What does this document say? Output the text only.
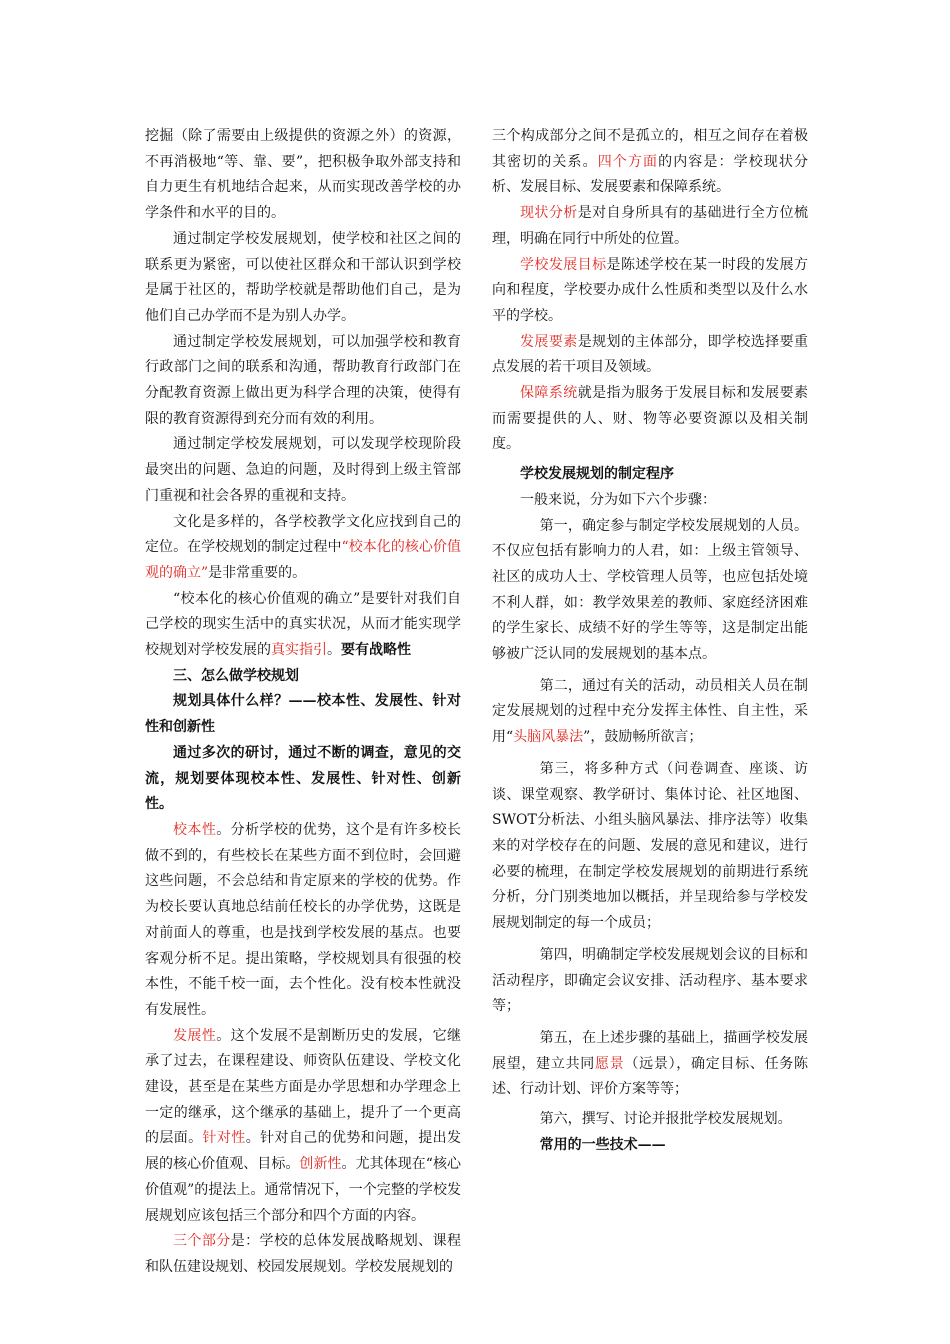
挖掘（除了需要由上级提供的资源之外）的资源，不再消极地“等、靠、要”，把积极争取外部支持和自力更生有机地结合起来，从而实现改善学校的办学条件和水平的目的。

通过制定学校发展规划，使学校和社区之间的联系更为紧密，可以使社区群众和干部认识到学校是属于社区的，帮助学校就是帮助他们自己，是为他们自己办学而不是为别人办学。

通过制定学校发展规划，可以加强学校和教育行政部门之间的联系和沟通，帮助教育行政部门在分配教育资源上做出更为科学合理的决策，使得有限的教育资源得到充分而有效的利用。

通过制定学校发展规划，可以发现学校现阶段最突出的问题、急迫的问题，及时得到上级主管部门重视和社会各界的重视和支持。

文化是多样的，各学校教学文化应找到自己的定位。在学校规划的制定过程中“校本化的核心价值观的确立”是非常重要的。

“校本化的核心价值观的确立”是要针对我们自己学校的现实生活中的真实状况，从而才能实现学校规划对学校发展的真实指引。要有战略性

三、怎么做学校规划

规划具体什么样？——校本性、发展性、针对性和创新性

通过多次的研讨，通过不断的调查，意见的交流，规划要体现校本性、发展性、针对性、创新性。

校本性。分析学校的优势，这个是有许多校长做不到的，有些校长在某些方面不到位时，会回避这些问题，不会总结和肯定原来的学校的优势。作为校长要认真地总结前任校长的办学优势，这既是对前面人的尊重，也是找到学校发展的基点。也要客观分析不足。提出策略，学校规划具有很强的校本性，不能千校一面，去个性化。没有校本性就没有发展性。

发展性。这个发展不是割断历史的发展，它继承了过去，在课程建设、师资队伍建设、学校文化建设，甚至是在某些方面是办学思想和办学理念上一定的继承，这个继承的基础上，提升了一个更高的层面。针对性。针对自己的优势和问题，提出发展的核心价值观、目标。创新性。尤其体现在“核心价值观”的提法上。通常情况下，一个完整的学校发展规划应该包括三个部分和四个方面的内容。

三个部分是：学校的总体发展战略规划、课程和队伍建设规划、校园发展规划。学校发展规划的

三个构成部分之间不是孤立的，相互之间存在着极其密切的关系。四个方面的内容是：学校现状分析、发展目标、发展要素和保障系统。

现状分析是对自身所具有的基础进行全方位梳理，明确在同行中所处的位置。

学校发展目标是陈述学校在某一时段的发展方向和程度，学校要办成什么性质和类型以及什么水平的学校。

发展要素是规划的主体部分，即学校选择要重点发展的若干项目及领域。

保障系统就是指为服务于发展目标和发展要素而需要提供的人、财、物等必要资源以及相关制度。

学校发展规划的制定程序

一般来说，分为如下六个步骤：

第一，确定参与制定学校发展规划的人员。不仅应包括有影响力的人君，如：上级主管领导、社区的成功人士、学校管理人员等，也应包括处境不利人群，如：教学效果差的教师、家庭经济困难的学生家长、成绩不好的学生等等，这是制定出能够被广泛认同的发展规划的基本点。

第二，通过有关的活动，动员相关人员在制定发展规划的过程中充分发挥主体性、自主性，采用“头脑风暴法”，鼓励畅所欲言；

第三，将多种方式（问卷调查、座谈、访谈、课堂观察、教学研讨、集体讨论、社区地图、SWOT分析法、小组头脑风暴法、排序法等）收集来的对学校存在的问题、发展的意见和建议，进行必要的梳理，在制定学校发展规划的前期进行系统分析，分门别类地加以概括，并呈现给参与学校发展规划制定的每一个成员；

第四，明确制定学校发展规划会议的目标和活动程序，即确定会议安排、活动程序、基本要求等；

第五，在上述步骤的基础上，描画学校发展展望，建立共同愿景（远景），确定目标、任务陈述、行动计划、评价方案等等；

第六，撰写、讨论并报批学校发展规划。

常用的一些技术——
